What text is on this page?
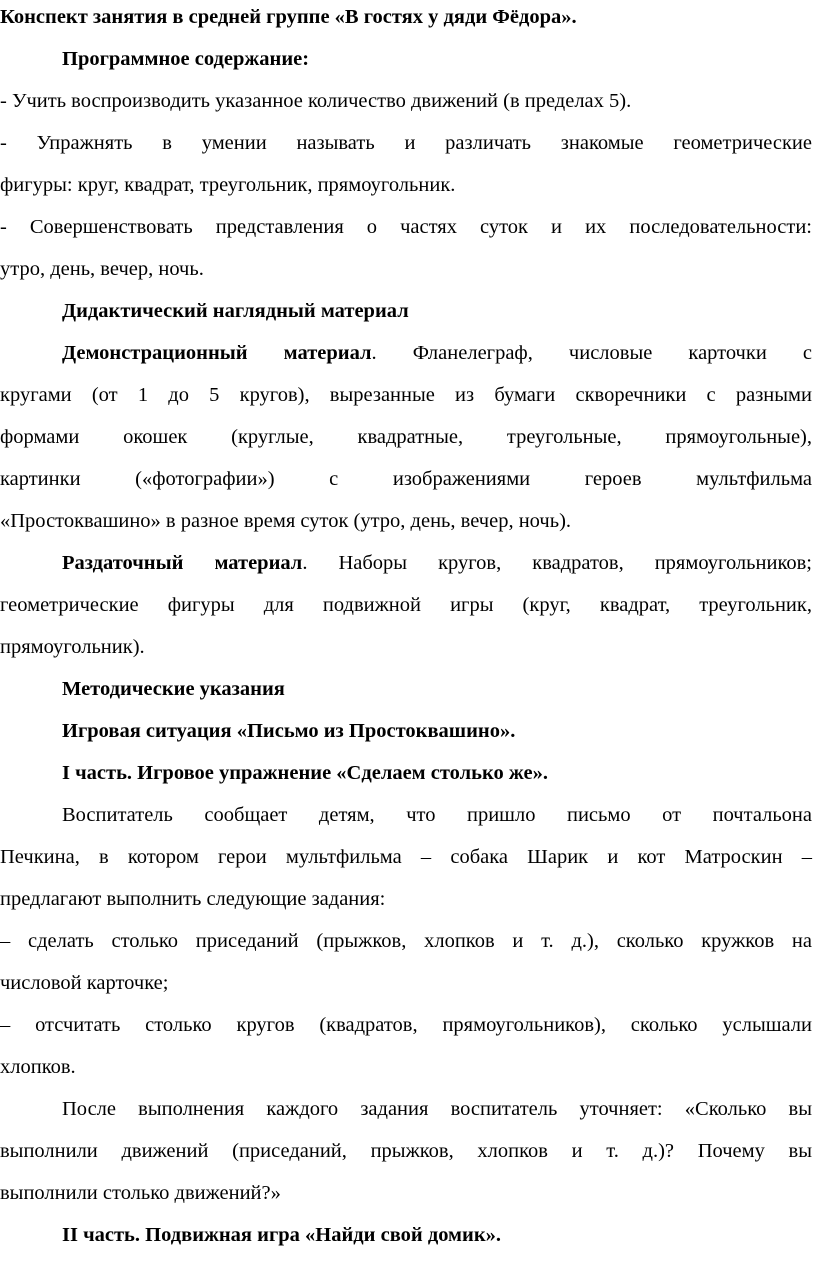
Конспект занятия в средней группе «В гостях у дяди Фёдора».
Программное содержание:
- Учить воспроизводить указанное количество движений (в пределах 5).
- Упражнять в умении называть и различать знакомые геометрические
фигуры: круг, квадрат, треугольник, прямоугольник.
- Совершенствовать представления о частях суток и их последовательности:
утро, день, вечер, ночь.
Дидактический наглядный материал
Демонстрационный материал. Фланелеграф, числовые карточки с
кругами (от 1 до 5 кругов), вырезанные из бумаги скворечники с разными
формами окошек (круглые, квадратные, треугольные, прямоугольные),
картинки («фотографии») с изображениями героев мультфильма
«Простоквашино» в разное время суток (утро, день, вечер, ночь).
Раздаточный материал. Наборы кругов, квадратов, прямоугольников;
геометрические фигуры для подвижной игры (круг, квадрат, треугольник,
прямоугольник).
Методические указания
Игровая ситуация «Письмо из Простоквашино».
I часть. Игровое упражнение «Сделаем столько же».
Воспитатель сообщает детям, что пришло письмо от почтальона
Печкина, в котором герои мультфильма – собака Шарик и кот Матроскин –
предлагают выполнить следующие задания:
– сделать столько приседаний (прыжков, хлопков и т. д.), сколько кружков на
числовой карточке;
– отсчитать столько кругов (квадратов, прямоугольников), сколько услышали
хлопков.
После выполнения каждого задания воспитатель уточняет: «Сколько вы
выполнили движений (приседаний, прыжков, хлопков и т. д.)? Почему вы
выполнили столько движений?»
II часть. Подвижная игра «Найди свой домик».
